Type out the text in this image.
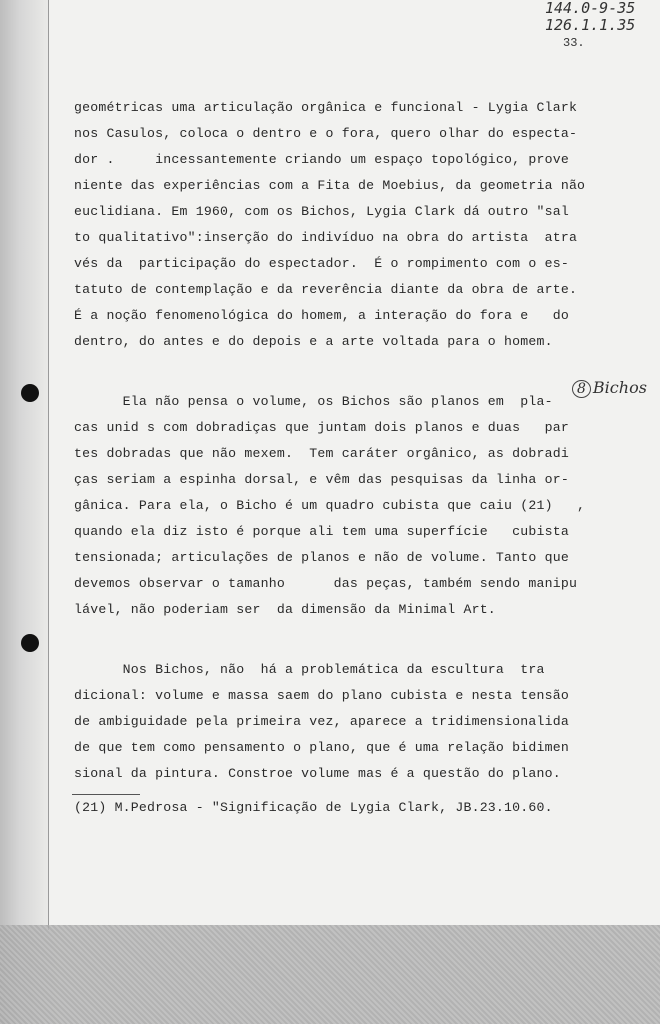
144.0-9-35
126.1.1.35
33.
8 Bichos
geométricas uma articulação orgânica e funcional - Lygia Clark
nos Casulos, coloca o dentro e o fora, quero olhar do especta-
dor .     incessantemente criando um espaço topológico, prove
niente das experiências com a Fita de Moebius, da geometria não
euclidiana. Em 1960, com os Bichos, Lygia Clark dá outro "sal
to qualitativo":inserção do indivíduo na obra do artista  atra
vés da  participação do espectador.  É o rompimento com o es-
tatuto de contemplação e da reverência diante da obra de arte.
É a noção fenomenológica do homem, a interação do fora e   do
dentro, do antes e do depois e a arte voltada para o homem.
Ela não pensa o volume, os Bichos são planos em  pla-
cas unid s com dobradiças que juntam dois planos e duas   par
tes dobradas que não mexem.  Tem caráter orgânico, as dobradi
ças seriam a espinha dorsal, e vêm das pesquisas da linha or-
gânica. Para ela, o Bicho é um quadro cubista que caiu (21)   ,
quando ela diz isto é porque ali tem uma superfície   cubista
tensionada; articulações de planos e não de volume. Tanto que
devemos observar o tamanho      das peças, também sendo manipu
lável, não poderiam ser  da dimensão da Minimal Art.
Nos Bichos, não  há a problemática da escultura  tra
dicional: volume e massa saem do plano cubista e nesta tensão
de ambiguidade pela primeira vez, aparece a tridimensionalida
de que tem como pensamento o plano, que é uma relação bidimen
sional da pintura. Constroe volume mas é a questão do plano.
(21) M.Pedrosa - "Significação de Lygia Clark, JB.23.10.60.
